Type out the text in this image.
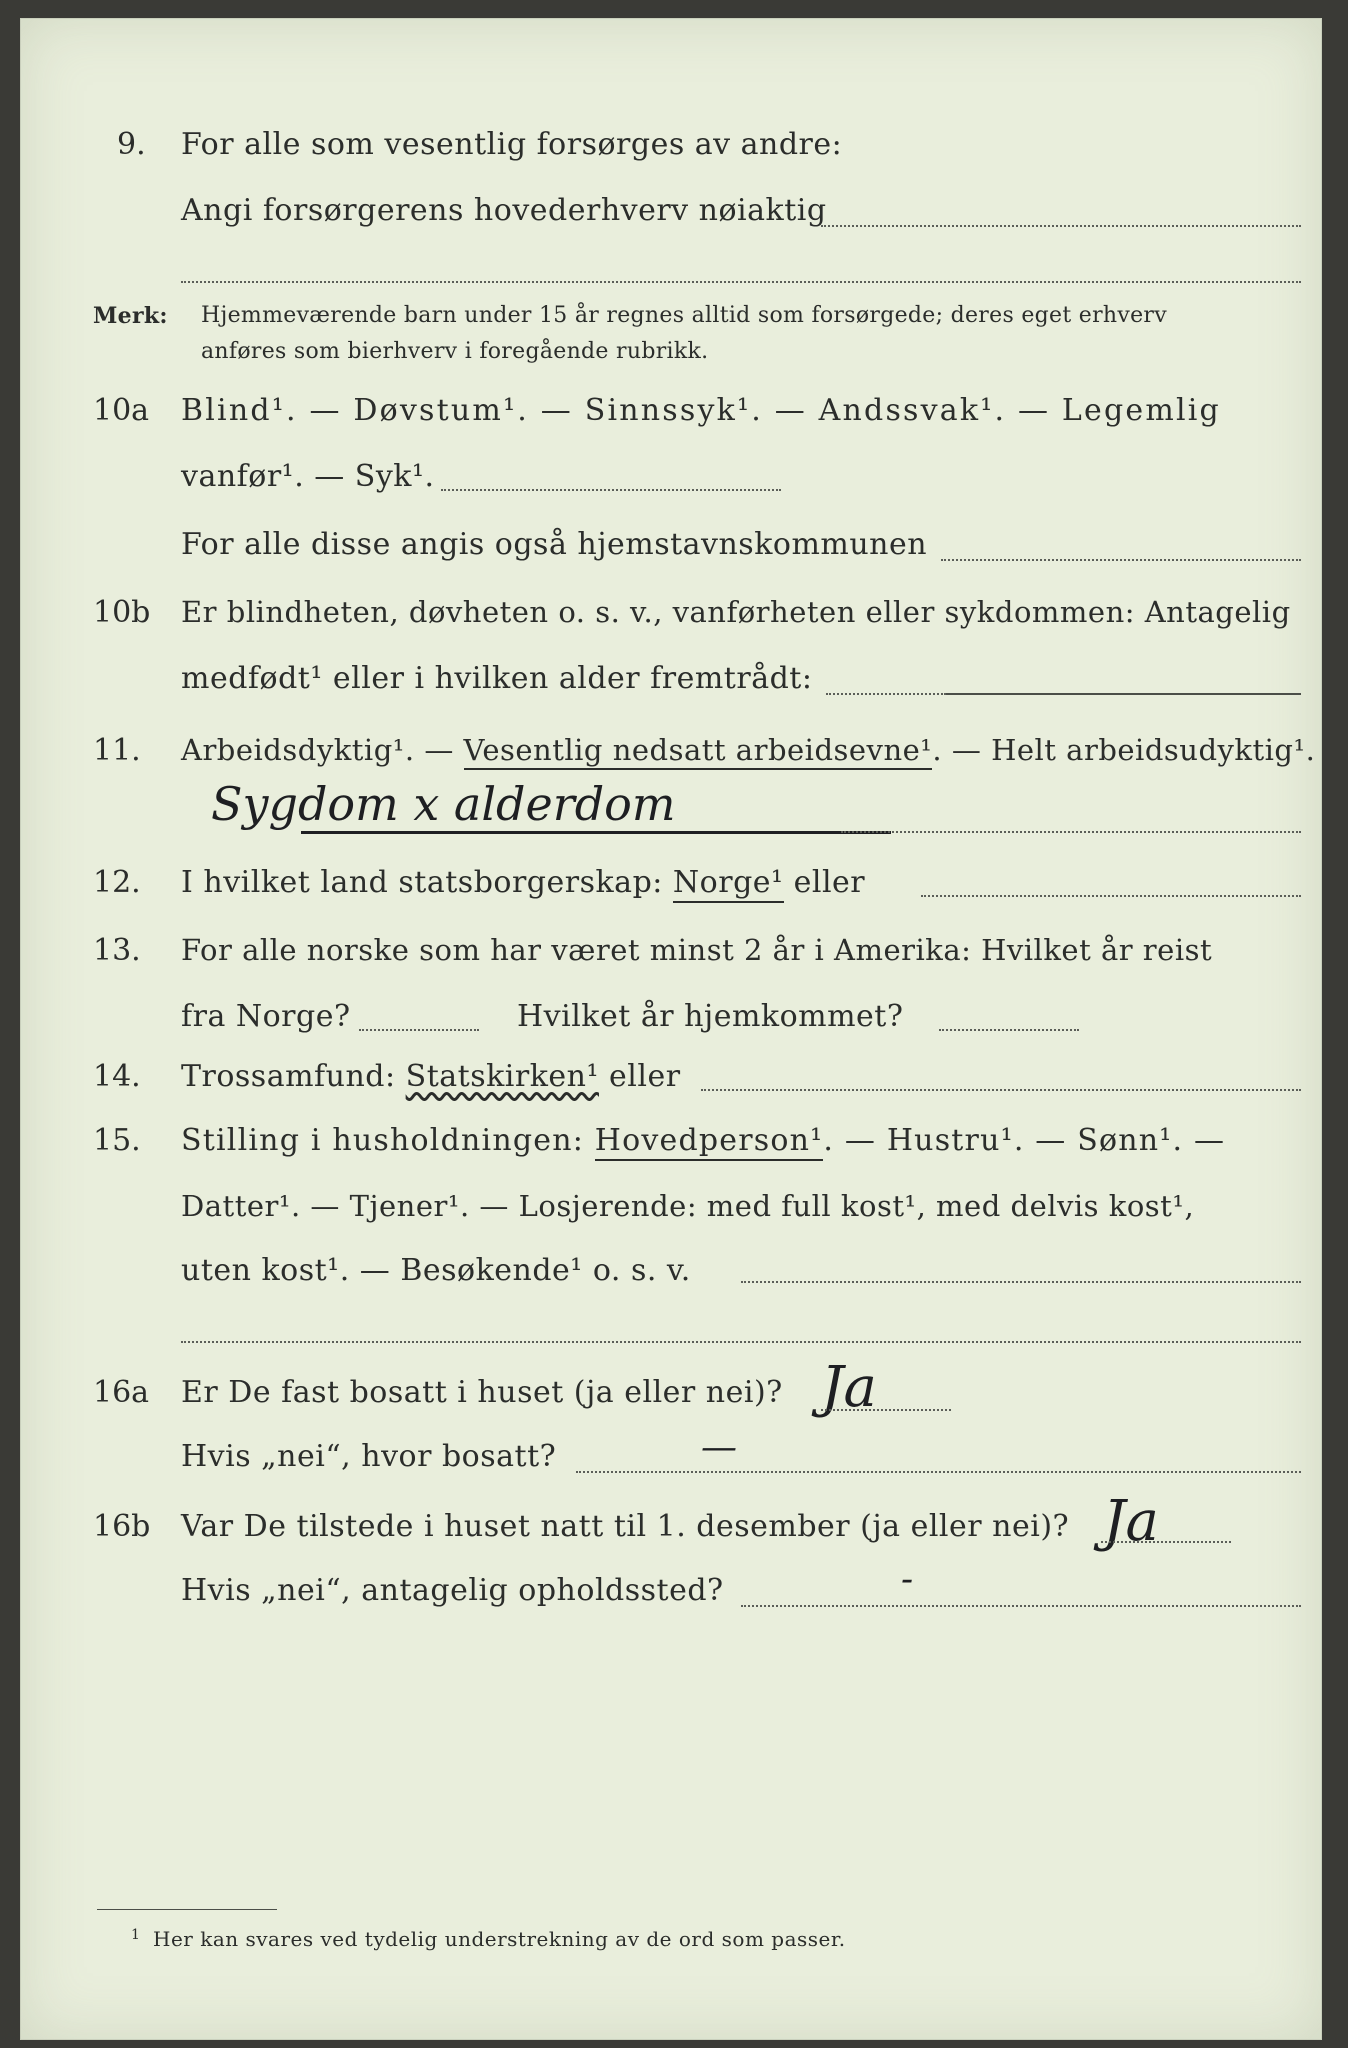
9. For alle som vesentlig forsørges av andre:
Angi forsørgerens hovederhverv nøiaktig
Merk: Hjemmeværende barn under 15 år regnes alltid som forsørgede; deres eget erhverv
anføres som bierhverv i foregående rubrikk.
10a Blind¹. — Døvstum¹. — Sinnssyk¹. — Andssvak¹. — Legemlig
vanfør¹. — Syk¹.
For alle disse angis også hjemstavnskommunen
10b Er blindheten, døvheten o. s. v., vanførheten eller sykdommen: Antagelig
medfødt¹ eller i hvilken alder fremtrådt:
11. Arbeidsdyktig¹. — Vesentlig nedsatt arbeidsevne¹. — Helt arbeidsudyktig¹.
Sygdom x alderdom
12. I hvilket land statsborgerskap: Norge¹ eller
13. For alle norske som har været minst 2 år i Amerika: Hvilket år reist
fra Norge?	Hvilket år hjemkommet?
14. Trossamfund: Statskirken¹ eller
15. Stilling i husholdningen: Hovedperson¹. — Hustru¹. — Sønn¹. —
Datter¹. — Tjener¹. — Losjerende: med full kost¹, med delvis kost¹,
uten kost¹. — Besøkende¹ o. s. v.
16a Er De fast bosatt i huset (ja eller nei)? Ja
Hvis „nei“, hvor bosatt?	—
16b Var De tilstede i huset natt til 1. desember (ja eller nei)? Ja
Hvis „nei“, antagelig opholdssted?	-
1 Her kan svares ved tydelig understrekning av de ord som passer.
